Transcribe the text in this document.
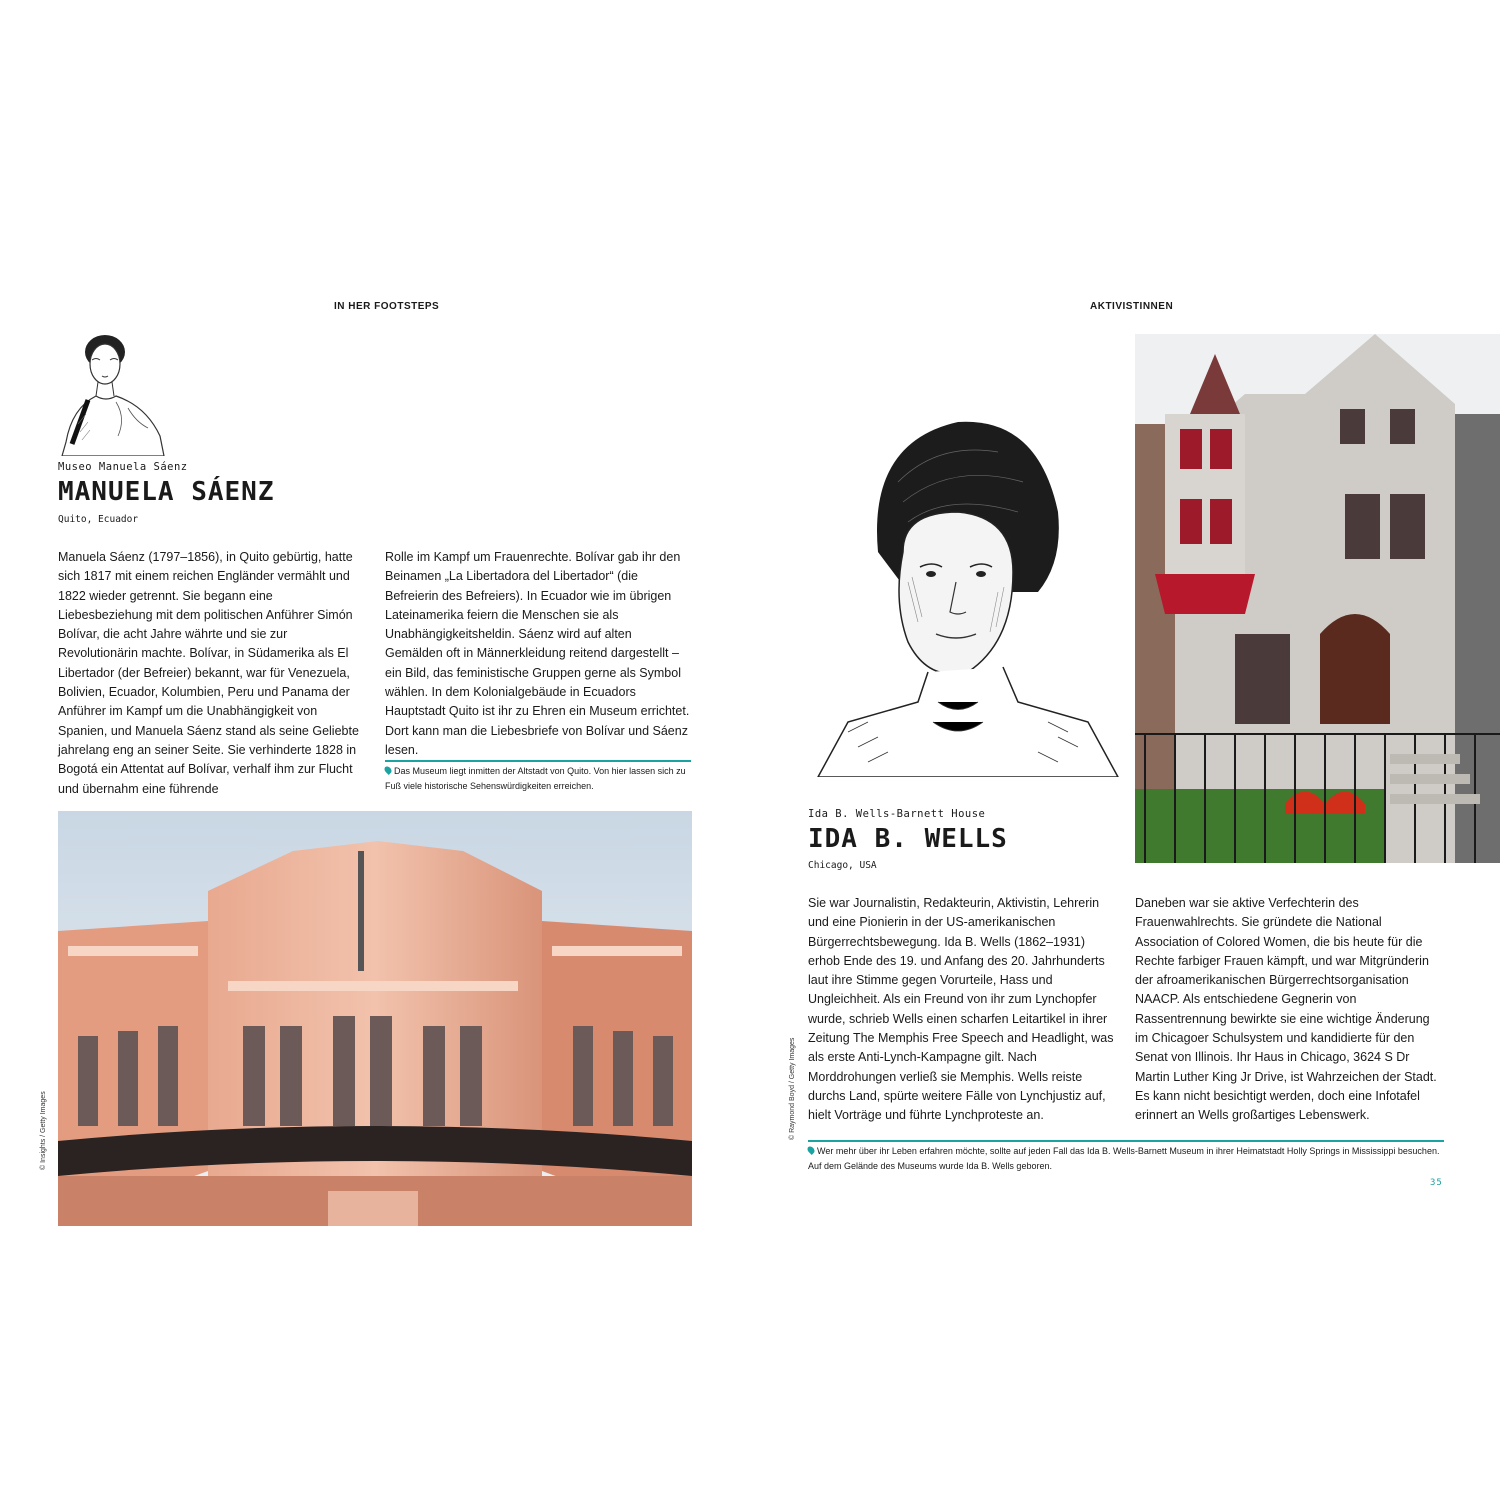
IN HER FOOTSTEPS
Museo Manuela Sáenz
MANUELA SÁENZ
Quito, Ecuador
Manuela Sáenz (1797–1856), in Quito gebürtig, hatte sich 1817 mit einem reichen Engländer vermählt und 1822 wieder getrennt. Sie begann eine Liebesbeziehung mit dem politischen Anführer Simón Bolívar, die acht Jahre währte und sie zur Revolutionärin machte. Bolívar, in Südamerika als El Libertador (der Befreier) bekannt, war für Venezuela, Bolivien, Ecuador, Kolumbien, Peru und Panama der Anführer im Kampf um die Unabhängigkeit von Spanien, und Manuela Sáenz stand als seine Geliebte jahrelang eng an seiner Seite. Sie verhinderte 1828 in Bogotá ein Attentat auf Bolívar, verhalf ihm zur Flucht und übernahm eine führende
Rolle im Kampf um Frauenrechte. Bolívar gab ihr den Beinamen „La Libertadora del Libertador“ (die Befreierin des Befreiers). In Ecuador wie im übrigen Lateinamerika feiern die Menschen sie als Unabhängigkeitsheldin. Sáenz wird auf alten Gemälden oft in Männerkleidung reitend dargestellt – ein Bild, das feministische Gruppen gerne als Symbol wählen. In dem Kolonialgebäude in Ecuadors Hauptstadt Quito ist ihr zu Ehren ein Museum errichtet. Dort kann man die Liebesbriefe von Bolívar und Sáenz lesen.
Das Museum liegt inmitten der Altstadt von Quito. Von hier lassen sich zu Fuß viele historische Sehenswürdigkeiten erreichen.
© Insights / Getty Images
AKTIVISTINNEN
Ida B. Wells-Barnett House
IDA B. WELLS
Chicago, USA
Sie war Journalistin, Redakteurin, Aktivistin, Lehrerin und eine Pionierin in der US-amerikanischen Bürgerrechtsbewegung. Ida B. Wells (1862–1931) erhob Ende des 19. und Anfang des 20. Jahrhunderts laut ihre Stimme gegen Vorurteile, Hass und Ungleichheit. Als ein Freund von ihr zum Lynchopfer wurde, schrieb Wells einen scharfen Leitartikel in ihrer Zeitung The Memphis Free Speech and Headlight, was als erste Anti-Lynch-Kampagne gilt. Nach Morddrohungen verließ sie Memphis. Wells reiste durchs Land, spürte weitere Fälle von Lynchjustiz auf, hielt Vorträge und führte Lynchproteste an.
Daneben war sie aktive Verfechterin des Frauenwahlrechts. Sie gründete die National Association of Colored Women, die bis heute für die Rechte farbiger Frauen kämpft, und war Mitgründerin der afroamerikanischen Bürgerrechtsorganisation NAACP. Als entschiedene Gegnerin von Rassentrennung bewirkte sie eine wichtige Änderung im Chicagoer Schulsystem und kandidierte für den Senat von Illinois. Ihr Haus in Chicago, 3624 S Dr Martin Luther King Jr Drive, ist Wahrzeichen der Stadt. Es kann nicht besichtigt werden, doch eine Infotafel erinnert an Wells großartiges Lebenswerk.
Wer mehr über ihr Leben erfahren möchte, sollte auf jeden Fall das Ida B. Wells-Barnett Museum in ihrer Heimatstadt Holly Springs in Mississippi besuchen. Auf dem Gelände des Museums wurde Ida B. Wells geboren.
© Raymond Boyd / Getty Images
35
